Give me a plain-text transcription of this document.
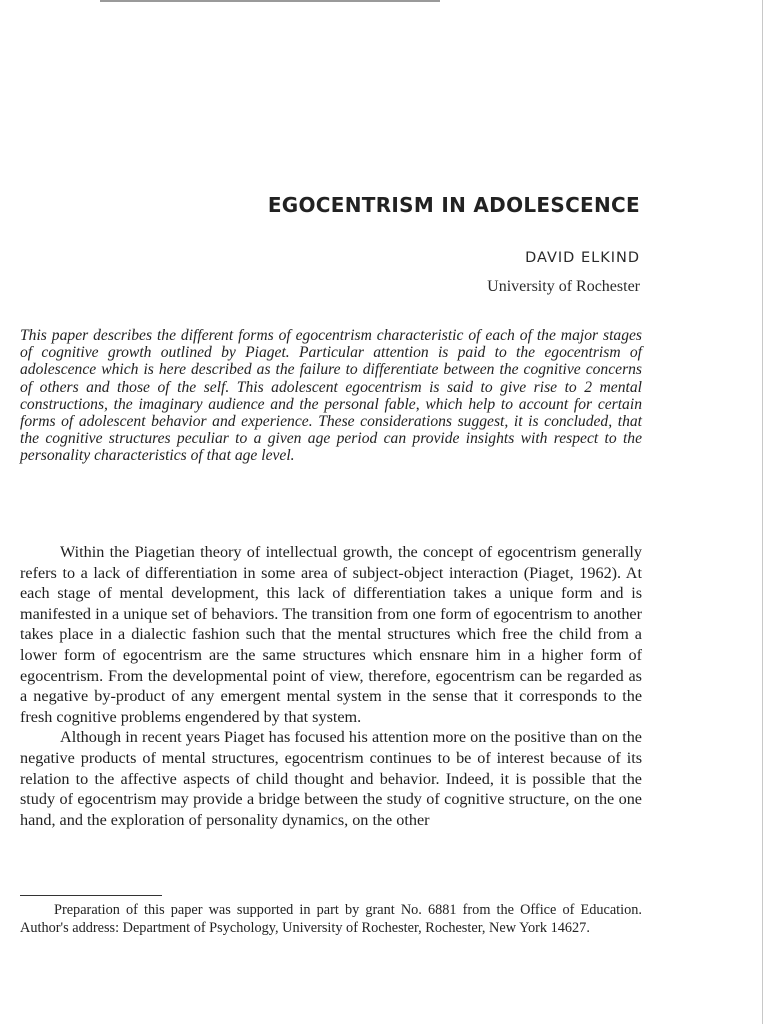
EGOCENTRISM IN ADOLESCENCE
DAVID ELKIND
University of Rochester

This paper describes the different forms of egocentrism characteristic of each of the major stages of cognitive growth outlined by Piaget. Particular attention is paid to the egocentrism of adolescence which is here described as the failure to differentiate between the cognitive concerns of others and those of the self. This adolescent egocentrism is said to give rise to 2 mental constructions, the imaginary audience and the personal fable, which help to account for certain forms of adolescent behavior and experience. These considerations suggest, it is concluded, that the cognitive structures peculiar to a given age period can provide insights with respect to the personality characteristics of that age level.

Within the Piagetian theory of intellectual growth, the concept of egocentrism generally refers to a lack of differentiation in some area of subject-object interaction (Piaget, 1962). At each stage of mental development, this lack of differentiation takes a unique form and is manifested in a unique set of behaviors. The transition from one form of egocentrism to another takes place in a dialectic fashion such that the mental structures which free the child from a lower form of egocentrism are the same structures which ensnare him in a higher form of egocentrism. From the developmental point of view, therefore, egocentrism can be regarded as a negative by-product of any emergent mental system in the sense that it corresponds to the fresh cognitive problems engendered by that system.

Although in recent years Piaget has focused his attention more on the positive than on the negative products of mental structures, egocentrism continues to be of interest because of its relation to the affective aspects of child thought and behavior. Indeed, it is possible that the study of egocentrism may provide a bridge between the study of cognitive structure, on the one hand, and the exploration of personality dynamics, on the other

Preparation of this paper was supported in part by grant No. 6881 from the Office of Education. Author's address: Department of Psychology, University of Rochester, Rochester, New York 14627.
